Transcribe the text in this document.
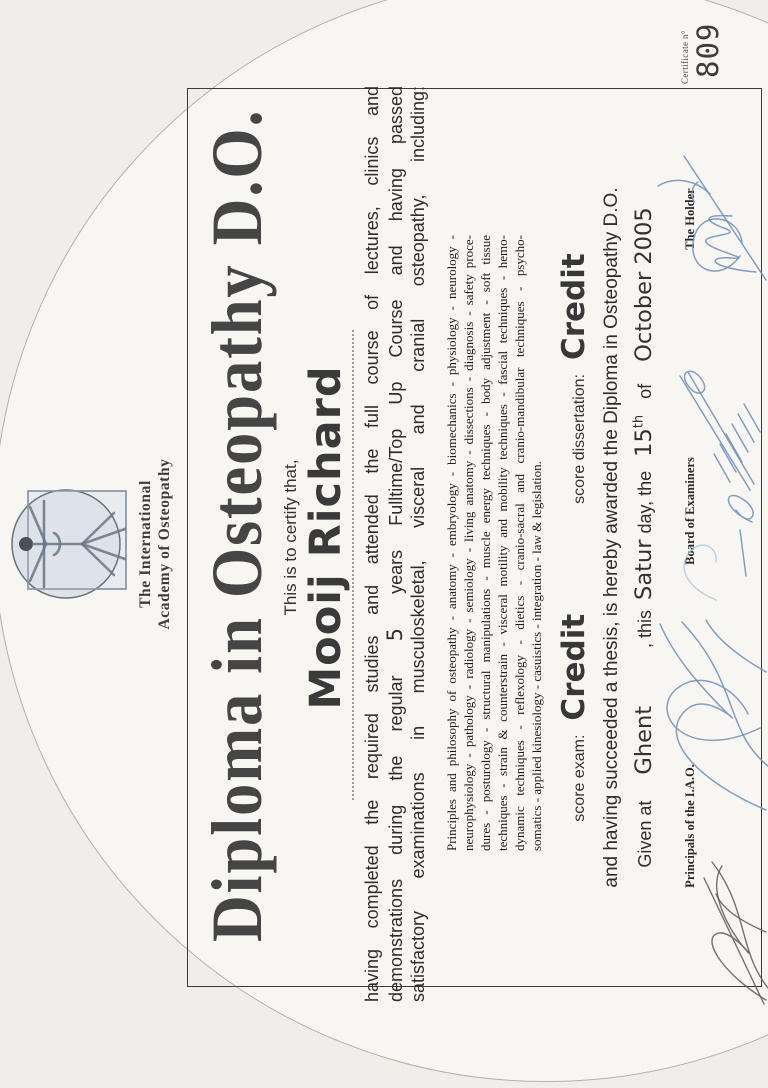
The International Academy of Osteopathy Diploma in Osteopathy D.O. This is to certify that, Mooij Richard having completed the required studies and attended the full course of lectures, clinics and demonstrations during the regular 5 years Fulltime/Top Up Course and having passed satisfactory examinations in musculoskeletal, visceral and cranial osteopathy, including: Principles and philosophy of osteopathy - anatomy - embryology - biomechanics - physiology - neurology - neurophysiology - pathology - radiology - semiology - living anatomy - dissections - diagnosis - safety proce- dures - posturology - structural manipulations - muscle energy techniques - body adjustment - soft tissue techniques - strain & counterstrain - visceral motility and mobility techniques - fascial techniques - hemo- dynamic techniques - reflexology - dietics - cranio-sacral and cranio-mandibular techniques - psycho- somatics - applied kinesiology - casuistics - integration - law & legislation. score exam:
Credit
score dissertation:
Credit and having succeeded a thesis, is hereby awarded the Diploma in Osteopathy D.O. Given at
Ghent
, this
Satur
day, the
15th
of
October 2005
Principals of the I.A.O.
Board of Examiners
The Holder
Certificate n° 809
